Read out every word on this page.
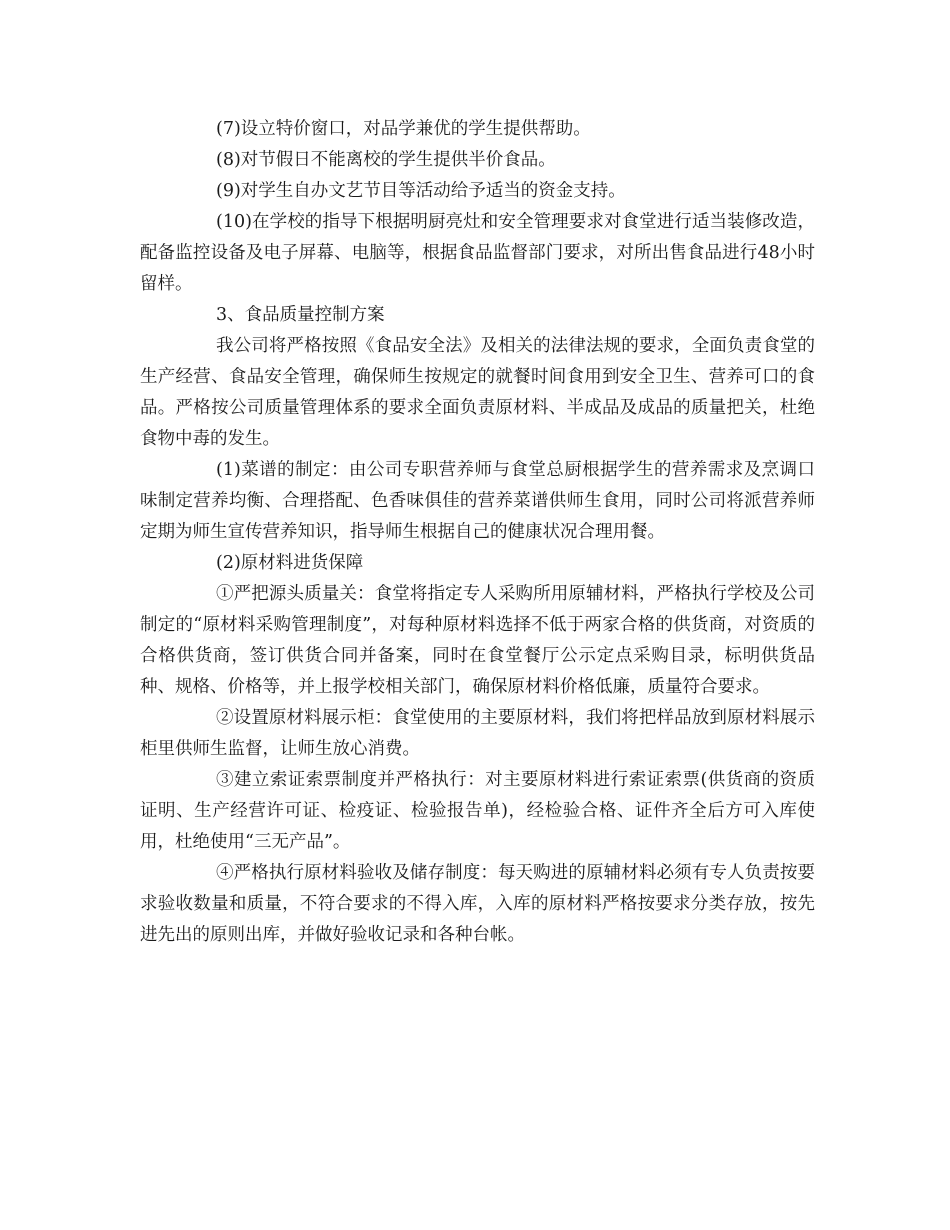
(7)设立特价窗口，对品学兼优的学生提供帮助。

(8)对节假日不能离校的学生提供半价食品。

(9)对学生自办文艺节目等活动给予适当的资金支持。

(10)在学校的指导下根据明厨亮灶和安全管理要求对食堂进行适当装修改造，配备监控设备及电子屏幕、电脑等，根据食品监督部门要求，对所出售食品进行48小时留样。

3、食品质量控制方案

我公司将严格按照《食品安全法》及相关的法律法规的要求，全面负责食堂的生产经营、食品安全管理，确保师生按规定的就餐时间食用到安全卫生、营养可口的食品。严格按公司质量管理体系的要求全面负责原材料、半成品及成品的质量把关，杜绝食物中毒的发生。

(1)菜谱的制定：由公司专职营养师与食堂总厨根据学生的营养需求及烹调口味制定营养均衡、合理搭配、色香味俱佳的营养菜谱供师生食用，同时公司将派营养师定期为师生宣传营养知识，指导师生根据自己的健康状况合理用餐。

(2)原材料进货保障

①严把源头质量关：食堂将指定专人采购所用原辅材料，严格执行学校及公司制定的“原材料采购管理制度”，对每种原材料选择不低于两家合格的供货商，对资质的合格供货商，签订供货合同并备案，同时在食堂餐厅公示定点采购目录，标明供货品种、规格、价格等，并上报学校相关部门，确保原材料价格低廉，质量符合要求。

②设置原材料展示柜：食堂使用的主要原材料，我们将把样品放到原材料展示柜里供师生监督，让师生放心消费。

③建立索证索票制度并严格执行：对主要原材料进行索证索票(供货商的资质证明、生产经营许可证、检疫证、检验报告单)，经检验合格、证件齐全后方可入库使用，杜绝使用“三无产品”。

④严格执行原材料验收及储存制度：每天购进的原辅材料必须有专人负责按要求验收数量和质量，不符合要求的不得入库，入库的原材料严格按要求分类存放，按先进先出的原则出库，并做好验收记录和各种台帐。
